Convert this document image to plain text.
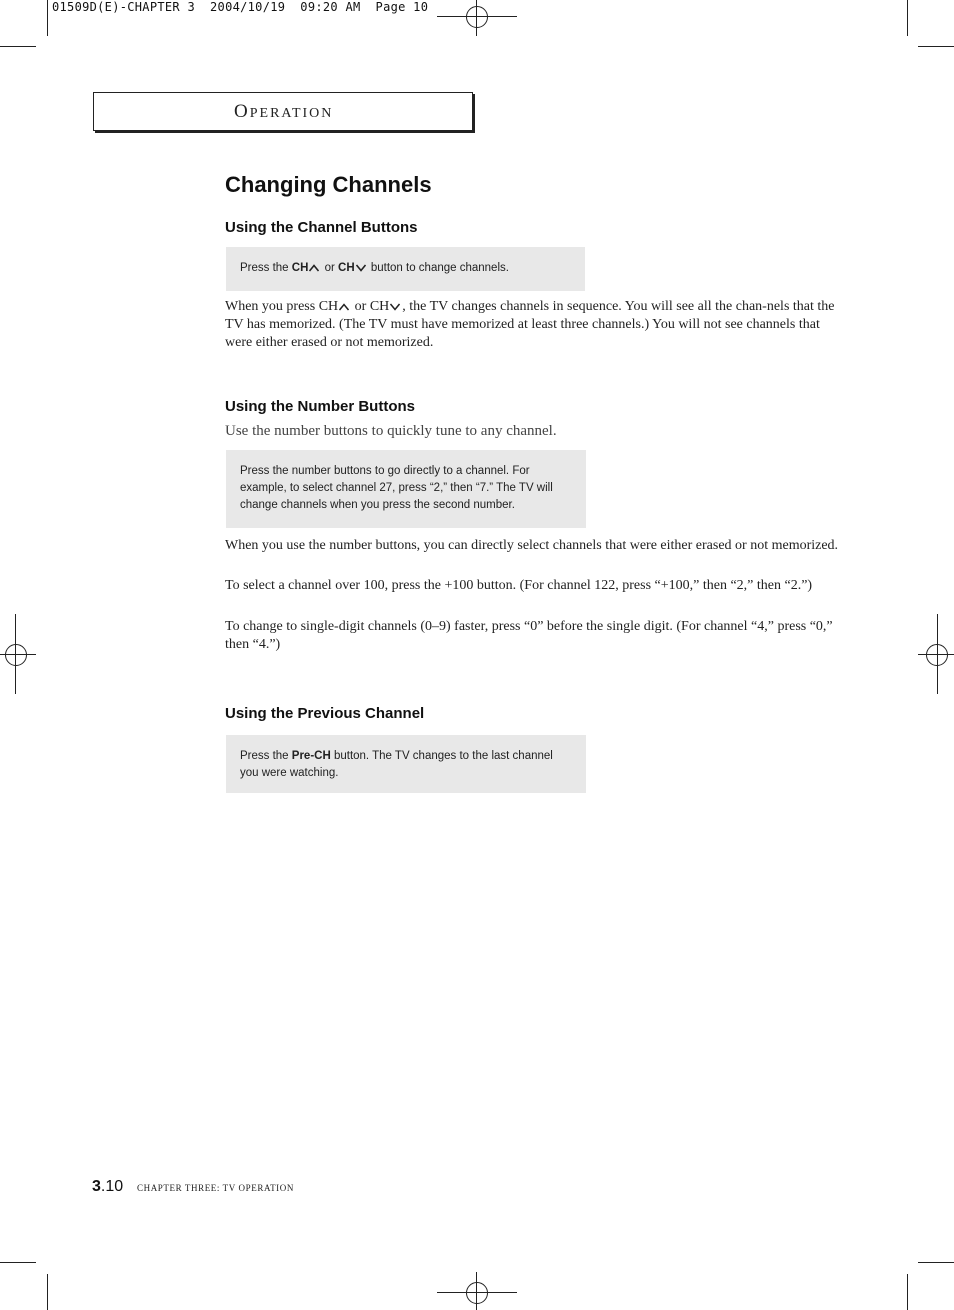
01509D(E)-CHAPTER 3  2004/10/19  09:20 AM  Page 10
OPERATION
Changing Channels
Using the Channel Buttons
Press the CH or CH button to change channels.

When you press CH or CH , the TV changes channels in sequence. You will see all the chan-nels that the TV has memorized. (The TV must have memorized at least three channels.) You will not see channels that were either erased or not memorized.

Using the Number Buttons

Use the number buttons to quickly tune to any channel.

Press the number buttons to go directly to a channel. For example, to select channel 27, press “2,” then “7.” The TV will change channels when you press the second number.

When you use the number buttons, you can directly select channels that were either erased or not memorized.

To select a channel over 100, press the +100 button. (For channel 122, press “+100,” then “2,” then “2.”)

To change to single-digit channels (0–9) faster, press “0” before the single digit. (For channel “4,” press “0,” then “4.”)

Using the Previous Channel
Press the Pre-CH button. The TV changes to the last channel you were watching.
3.10 CHAPTER THREE: TV OPERATION
